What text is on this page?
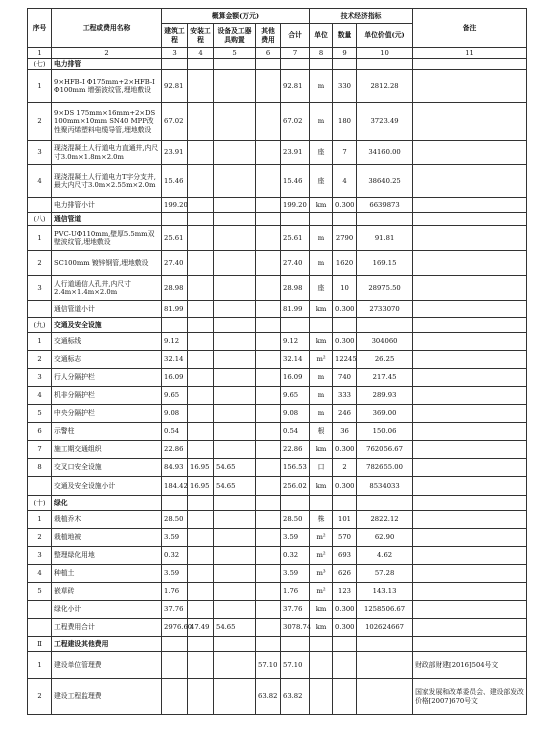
序号	工程或费用名称	概算金额(万元)					技术经济指标			备注
		建筑工程	安装工程	设备及工器具购置	其他费用	合计	单位	数量	单位价值(元)	
1	2	3	4	5	6	7	8	9	10	11
(七)	电力排管									
1	9×HFB-Ⅰ Φ175mm+2×HFB-Ⅰ Φ100mm 增强波纹管,埋地敷设	92.81				92.81	m	330	2812.28	
2	9×DS 175mm×16mm+2×DS 100mm×10mm SN40 MPP改性聚丙烯塑料电缆导管,埋地敷设	67.02				67.02	m	180	3723.49	
3	现浇混凝土人行道电力直通井,内尺寸3.0m×1.8m×2.0m	23.91				23.91	座	7	34160.00	
4	现浇混凝土人行道电力T字分支井,最大内尺寸3.0m×2.55m×2.0m	15.46				15.46	座	4	38640.25	
	电力排管小计	199.20				199.20	km	0.300	6639873	
(八)	通信管道									
1	PVC-UΦ110mm,壁厚5.5mm双壁波纹管,埋地敷设	25.61				25.61	m	2790	91.81	
2	SC100mm 镀锌钢管,埋地敷设	27.40				27.40	m	1620	169.15	
3	人行道通信人孔井,内尺寸2.4m×1.4m×2.0m	28.98				28.98	座	10	28975.50	
	通信管道小计	81.99				81.99	km	0.300	2733070	
(九)	交通及安全设施									
1	交通标线	9.12				9.12	km	0.300	304060	
2	交通标志	32.14				32.14	m²	12245	26.25	
3	行人分隔护栏	16.09				16.09	m	740	217.45	
4	机非分隔护栏	9.65				9.65	m	333	289.93	
5	中央分隔护栏	9.08				9.08	m	246	369.00	
6	示警柱	0.54				0.54	根	36	150.06	
7	施工期交通组织	22.86				22.86	km	0.300	762056.67	
8	交叉口安全设施	84.93	16.95	54.65		156.53	口	2	782655.00	
	交通及安全设施小计	184.42	16.95	54.65		256.02	km	0.300	8534033	
(十)	绿化									
1	栽植乔木	28.50				28.50	株	101	2822.12	
2	栽植地被	3.59				3.59	m²	570	62.90	
3	整理绿化用地	0.32				0.32	m²	693	4.62	
4	种植土	3.59				3.59	m³	626	57.28	
5	嵌草砖	1.76				1.76	m²	123	143.13	
	绿化小计	37.76				37.76	km	0.300	1258506.67	
	工程费用合计	2976.60	47.49	54.65		3078.74	km	0.300	102624667	
Ⅱ	工程建设其他费用									
1	建设单位管理费				57.10	57.10				财政部财建[2016]504号文
2	建设工程监理费				63.82	63.82				国家发展和改革委员会、建设部发改价格[2007]670号文
